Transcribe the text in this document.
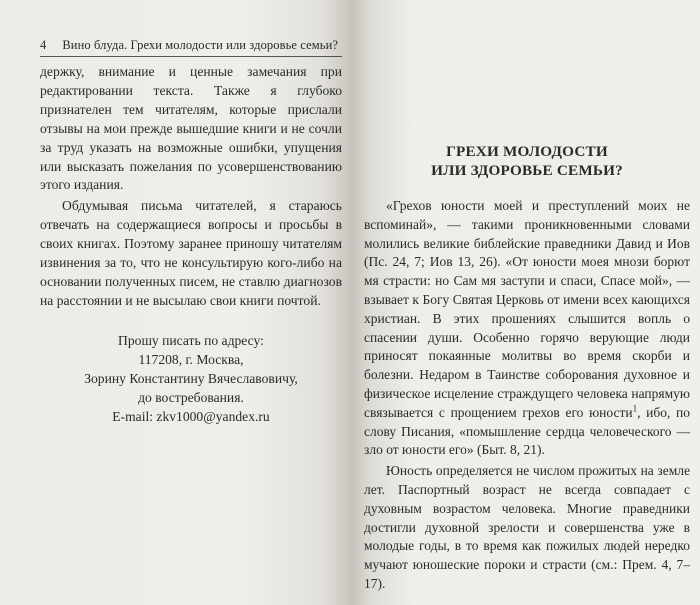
4 Вино блуда. Грехи молодости или здоровье семьи?

держку, внимание и ценные замечания при редактировании текста. Также я глубоко признателен тем читателям, которые прислали отзывы на мои прежде вышедшие книги и не сочли за труд указать на возможные ошибки, упущения или высказать пожелания по усовершенствованию этого издания.

Обдумывая письма читателей, я стараюсь отвечать на содержащиеся вопросы и просьбы в своих книгах. Поэтому заранее приношу читателям извинения за то, что не консультирую кого-либо на основании полученных писем, не ставлю диагнозов на расстоянии и не высылаю свои книги почтой.

Прошу писать по адресу:
117208, г. Москва,
Зорину Константину Вячеславовичу,
до востребования.
E-mail: zkv1000@yandex.ru
ГРЕХИ МОЛОДОСТИ
ИЛИ ЗДОРОВЬЕ СЕМЬИ?

«Грехов юности моей и преступлений моих не вспоминай», — такими проникновенными словами молились великие библейские праведники Давид и Иов (Пс. 24, 7; Иов 13, 26). «От юности моея мнози борют мя страсти: но Сам мя заступи и спаси, Спасе мой», — взывает к Богу Святая Церковь от имени всех кающихся христиан. В этих прошениях слышится вопль о спасении души. Особенно горячо верующие люди приносят покаянные молитвы во время скорби и болезни. Недаром в Таинстве соборования духовное и физическое исцеление страждущего человека напрямую связывается с прощением грехов его юности$^1$, ибо, по слову Писания, «помышление сердца человеческого — зло от юности его» (Быт. 8, 21).

Юность определяется не числом прожитых на земле лет. Паспортный возраст не всегда совпадает с духовным возрастом человека. Многие праведники достигли духовной зрелости и совершенства уже в молодые годы, в то время как пожилых людей нередко мучают юношеские пороки и страсти (см.: Прем. 4, 7–17).
